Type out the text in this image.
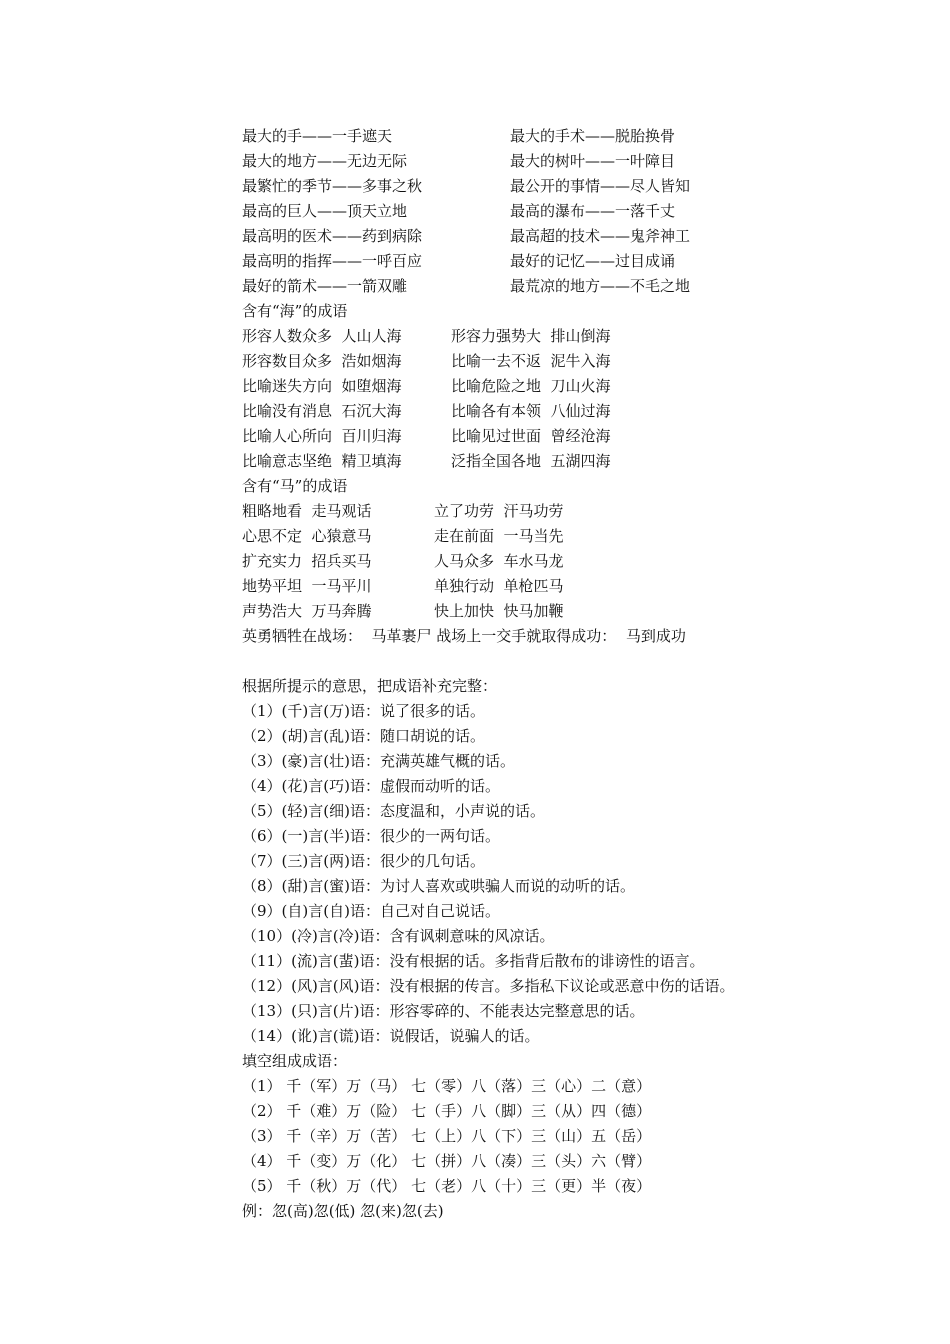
最大的手——一手遮天	最大的手术——脱胎换骨
最大的地方——无边无际	最大的树叶——一叶障目
最繁忙的季节——多事之秋	最公开的事情——尽人皆知
最高的巨人——顶天立地	最高的瀑布——一落千丈
最高明的医术——药到病除	最高超的技术——鬼斧神工
最高明的指挥——一呼百应	最好的记忆——过目成诵
最好的箭术——一箭双雕	最荒凉的地方——不毛之地
含有“海”的成语
形容人数众多  人山人海	形容力强势大  排山倒海
形容数目众多  浩如烟海	比喻一去不返  泥牛入海
比喻迷失方向  如堕烟海	比喻危险之地  刀山火海
比喻没有消息  石沉大海	比喻各有本领  八仙过海
比喻人心所向  百川归海	比喻见过世面  曾经沧海
比喻意志坚绝  精卫填海	泛指全国各地  五湖四海
含有“马”的成语
粗略地看  走马观话	立了功劳  汗马功劳
心思不定  心猿意马	走在前面  一马当先
扩充实力  招兵买马	人马众多  车水马龙
地势平坦  一马平川	单独行动  单枪匹马
声势浩大  万马奔腾	快上加快  快马加鞭
英勇牺牲在战场：  马革裹尸 战场上一交手就取得成功：  马到成功
根据所提示的意思，把成语补充完整：
（1）(千)言(万)语：说了很多的话。
（2）(胡)言(乱)语：随口胡说的话。
（3）(豪)言(壮)语：充满英雄气概的话。
（4）(花)言(巧)语：虚假而动听的话。
（5）(轻)言(细)语：态度温和，小声说的话。
（6）(一)言(半)语：很少的一两句话。
（7）(三)言(两)语：很少的几句话。
（8）(甜)言(蜜)语：为讨人喜欢或哄骗人而说的动听的话。
（9）(自)言(自)语：自己对自己说话。
（10）(冷)言(冷)语：含有讽刺意味的风凉话。
（11）(流)言(蜚)语：没有根据的话。多指背后散布的诽谤性的语言。
（12）(风)言(风)语：没有根据的传言。多指私下议论或恶意中伤的话语。
（13）(只)言(片)语：形容零碎的、不能表达完整意思的话。
（14）(讹)言(谎)语：说假话，说骗人的话。
填空组成成语：
（1） 千（军）万（马） 七（零）八（落）三（心）二（意）
（2） 千（难）万（险） 七（手）八（脚）三（从）四（德）
（3） 千（辛）万（苦） 七（上）八（下）三（山）五（岳）
（4） 千（变）万（化） 七（拼）八（凑）三（头）六（臂）
（5） 千（秋）万（代） 七（老）八（十）三（更）半（夜）
例：忽(高)忽(低) 忽(来)忽(去)
